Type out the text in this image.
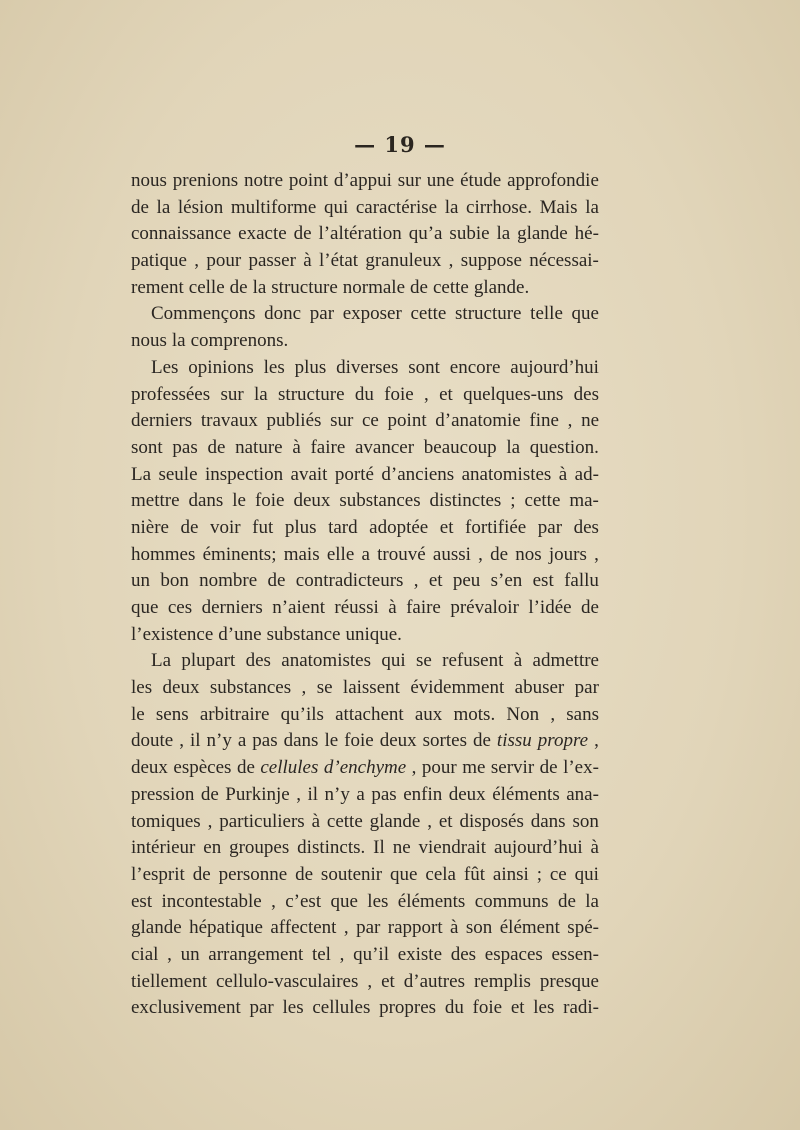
— 19 —
nous prenions notre point d’appui sur une étude approfondie
de la lésion multiforme qui caractérise la cirrhose. Mais la
connaissance exacte de l’altération qu’a subie la glande hé-
patique , pour passer à l’état granuleux , suppose nécessai-
rement celle de la structure normale de cette glande.
Commençons donc par exposer cette structure telle que
nous la comprenons.
Les opinions les plus diverses sont encore aujourd’hui
professées sur la structure du foie , et quelques-uns des
derniers travaux publiés sur ce point d’anatomie fine , ne
sont pas de nature à faire avancer beaucoup la question.
La seule inspection avait porté d’anciens anatomistes à ad-
mettre dans le foie deux substances distinctes ; cette ma-
nière de voir fut plus tard adoptée et fortifiée par des
hommes éminents; mais elle a trouvé aussi , de nos jours ,
un bon nombre de contradicteurs , et peu s’en est fallu
que ces derniers n’aient réussi à faire prévaloir l’idée de
l’existence d’une substance unique.
La plupart des anatomistes qui se refusent à admettre
les deux substances , se laissent évidemment abuser par
le sens arbitraire qu’ils attachent aux mots. Non , sans
doute , il n’y a pas dans le foie deux sortes de tissu propre ,
deux espèces de cellules d’enchyme , pour me servir de l’ex-
pression de Purkinje , il n’y a pas enfin deux éléments ana-
tomiques , particuliers à cette glande , et disposés dans son
intérieur en groupes distincts. Il ne viendrait aujourd’hui à
l’esprit de personne de soutenir que cela fût ainsi ; ce qui
est incontestable , c’est que les éléments communs de la
glande hépatique affectent , par rapport à son élément spé-
cial , un arrangement tel , qu’il existe des espaces essen-
tiellement cellulo-vasculaires , et d’autres remplis presque
exclusivement par les cellules propres du foie et les radi-
